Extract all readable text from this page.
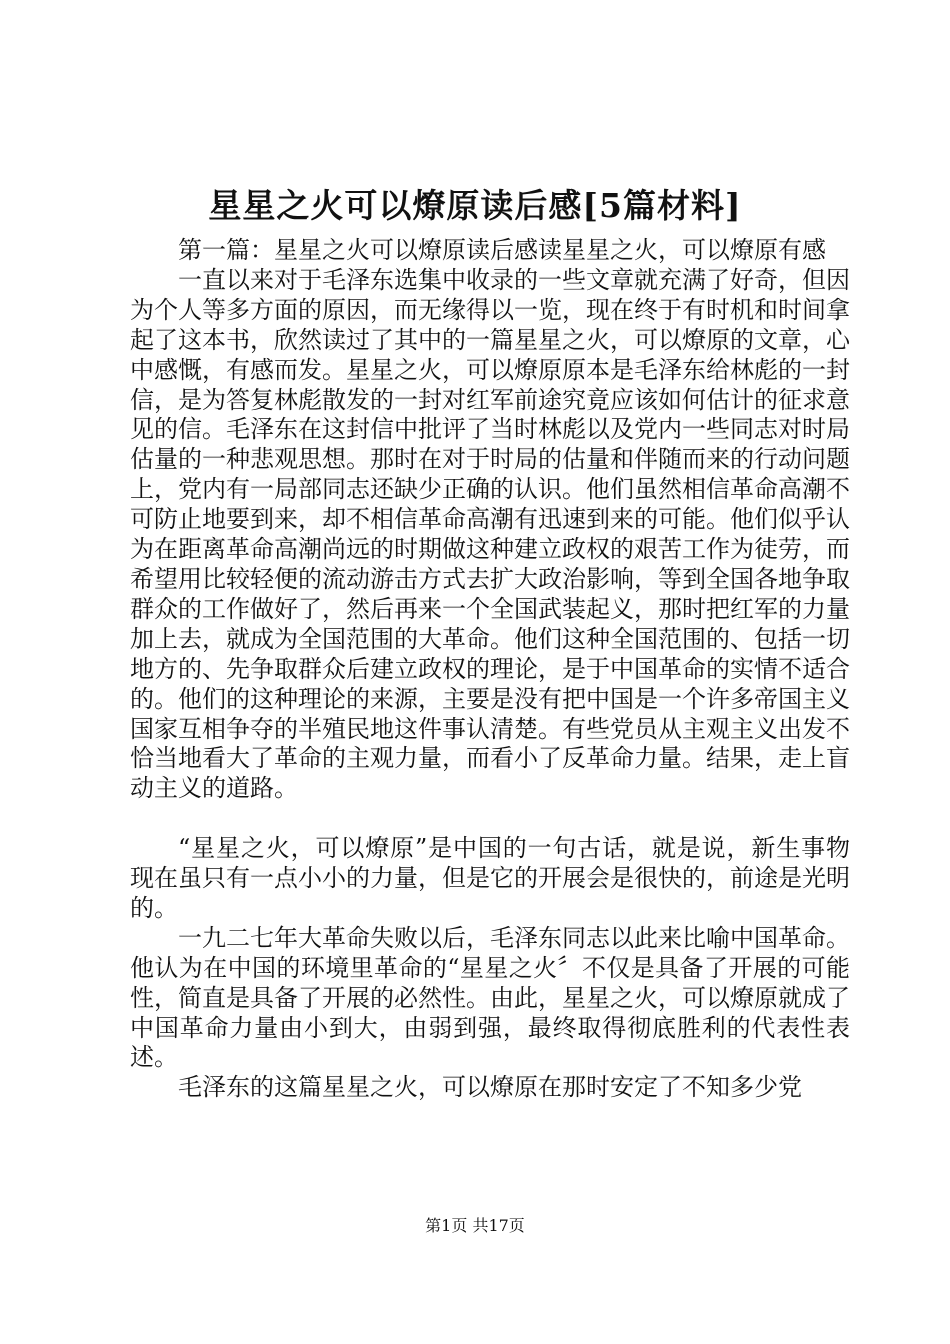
星星之火可以燎原读后感[5篇材料]

第一篇：星星之火可以燎原读后感读星星之火，可以燎原有感

一直以来对于毛泽东选集中收录的一些文章就充满了好奇，但因为个人等多方面的原因，而无缘得以一览，现在终于有时机和时间拿起了这本书，欣然读过了其中的一篇星星之火，可以燎原的文章，心中感慨，有感而发。星星之火，可以燎原原本是毛泽东给林彪的一封信，是为答复林彪散发的一封对红军前途究竟应该如何估计的征求意见的信。毛泽东在这封信中批评了当时林彪以及党内一些同志对时局估量的一种悲观思想。那时在对于时局的估量和伴随而来的行动问题上，党内有一局部同志还缺少正确的认识。他们虽然相信革命高潮不可防止地要到来，却不相信革命高潮有迅速到来的可能。他们似乎认为在距离革命高潮尚远的时期做这种建立政权的艰苦工作为徒劳，而希望用比较轻便的流动游击方式去扩大政治影响，等到全国各地争取群众的工作做好了，然后再来一个全国武装起义，那时把红军的力量加上去，就成为全国范围的大革命。他们这种全国范围的、包括一切地方的、先争取群众后建立政权的理论，是于中国革命的实情不适合的。他们的这种理论的来源，主要是没有把中国是一个许多帝国主义国家互相争夺的半殖民地这件事认清楚。有些党员从主观主义出发不恰当地看大了革命的主观力量，而看小了反革命力量。结果，走上盲动主义的道路。

“星星之火，可以燎原”是中国的一句古话，就是说，新生事物现在虽只有一点小小的力量，但是它的开展会是很快的，前途是光明的。

一九二七年大革命失败以后，毛泽东同志以此来比喻中国革命。他认为在中国的环境里革命的“星星之火〞不仅是具备了开展的可能性，简直是具备了开展的必然性。由此，星星之火，可以燎原就成了中国革命力量由小到大，由弱到强，最终取得彻底胜利的代表性表述。

毛泽东的这篇星星之火，可以燎原在那时安定了不知多少党

第1页 共17页
